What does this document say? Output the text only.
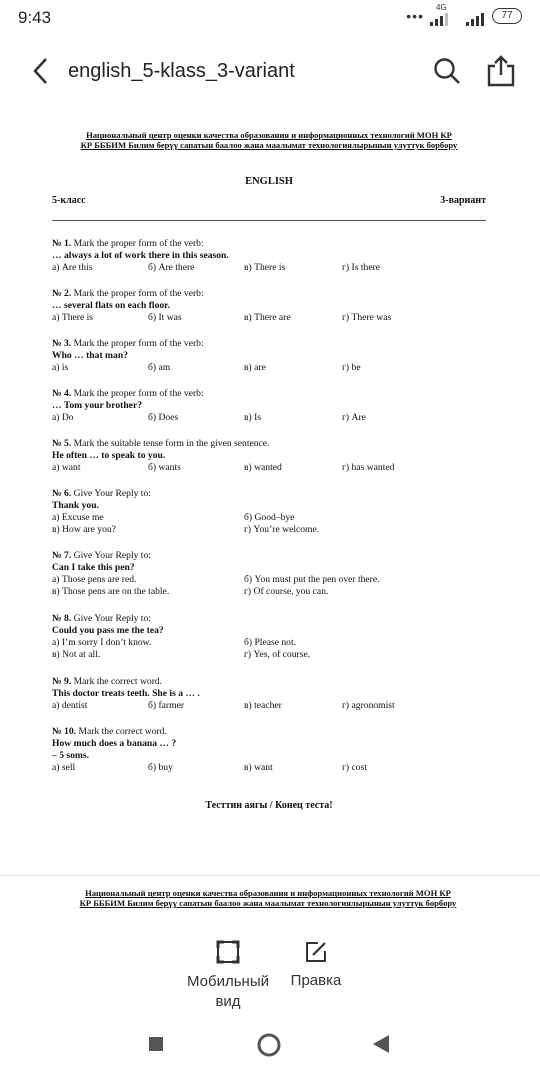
9:43	•••
4G
77
english_5-klass_3-variant
Национальный центр оценки качества образования и информационных технологий МОН КР
КР БББИМ Билим берүү сапатын баалоо жана маалымат технологиялырынын улуттук борбору
ENGLISH
5-класс	3-вариант
№ 1. Mark the proper form of the verb:
… always a lot of work there in this season.
а) Are this	б) Are there	в) There is	г) Is there
№ 2. Mark the proper form of the verb:
… several flats on each floor.
а) There is	б) It was	в) There are	г) There was
№ 3. Mark the proper form of the verb:
Who … that man?
а) is	б) am	в) are	г) be
№ 4. Mark the proper form of the verb:
… Tom your brother?
а) Do	б) Does	в) Is	г) Are
№ 5. Mark the suitable tense form in the given sentence.
He often … to speak to you.
а) want	б) wants	в) wanted	г) has wanted
№ 6. Give Your Reply to:
Thank you.
а) Excuse me	б) Good–bye
в) How are you?	г) You’re welcome.
№ 7. Give Your Reply to:
Can I take this pen?
а) Those pens are red.	б) You must put the pen over there.
в) Those pens are on the table.	г) Of course, you can.
№ 8. Give Your Reply to:
Could you pass me the tea?
а) I’m sorry I don’t know.	б) Please not.
в) Not at all.	г) Yes, of course.
№ 9. Mark the correct word.
This doctor treats teeth. She is a … .
а) dentist	б) farmer	в) teacher	г) agronomist
№ 10. Mark the correct word.
How much does a banana … ?
– 5 soms.
а) sell	б) buy	в) want	г) cost
Тесттин аягы / Конец теста!
Национальный центр оценки качества образования и информационных технологий МОН КР
КР БББИМ Билим берүү сапатын баалоо жана маалымат технологиялырынын улуттук борбору
Мобильный вид
Правка
